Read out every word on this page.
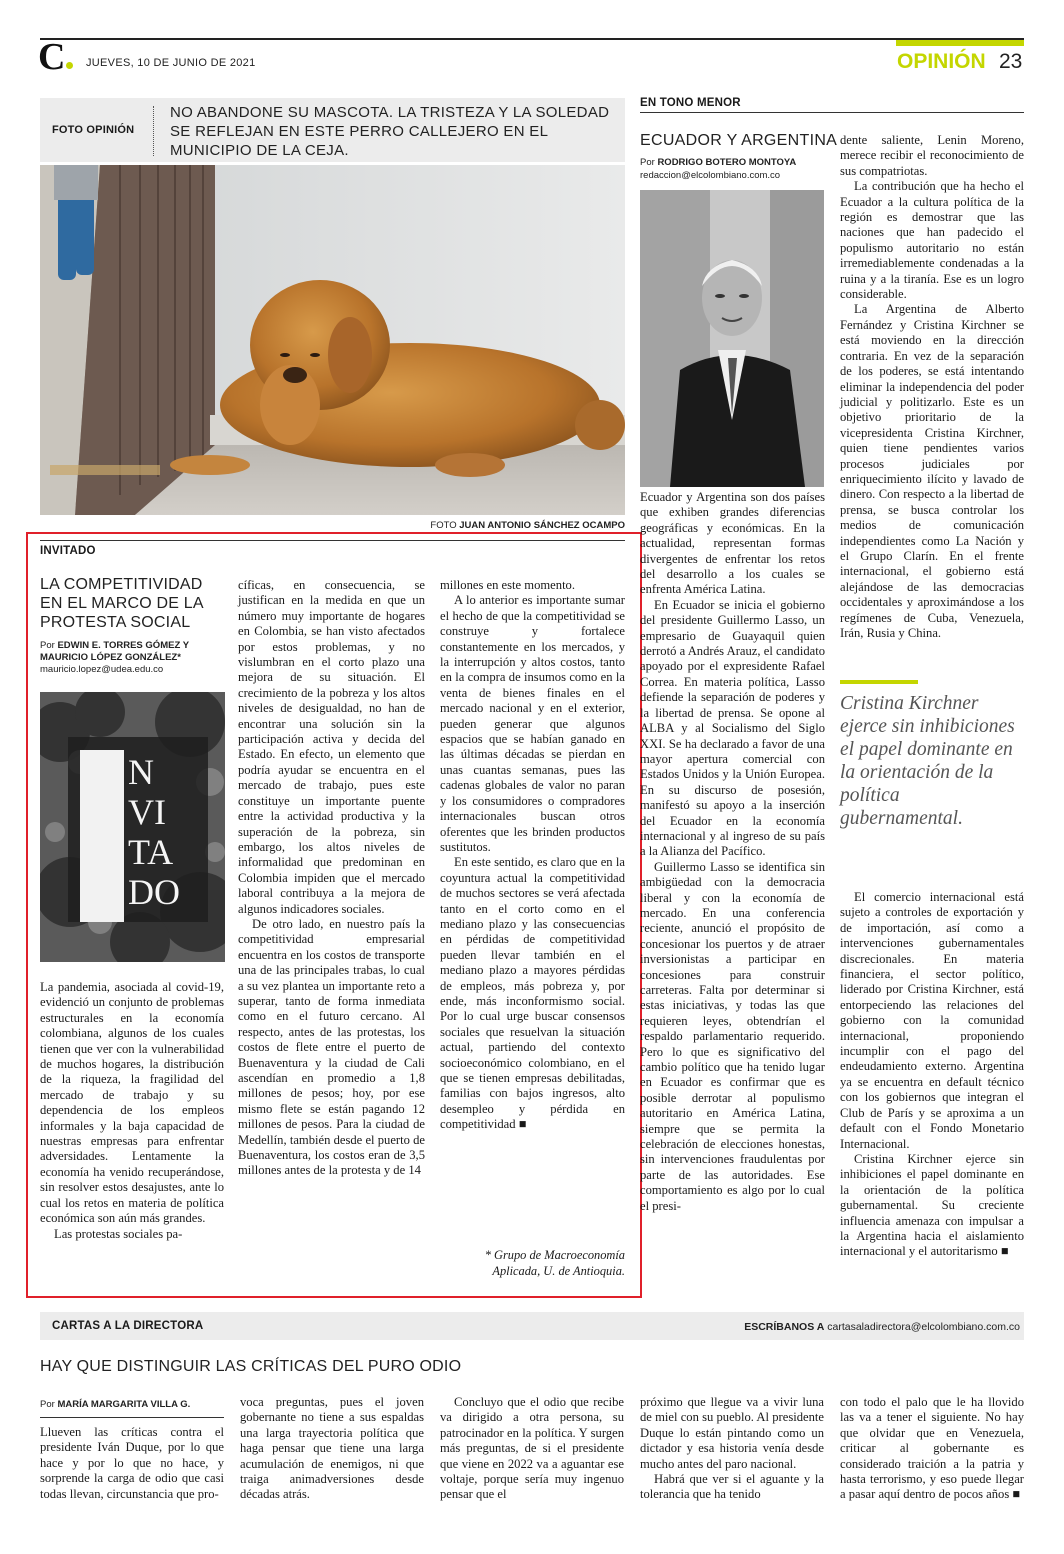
C	JUEVES, 10 DE JUNIO DE 2021	OPINIÓN 23
FOTO OPINIÓN
NO ABANDONE SU MASCOTA. LA TRISTEZA Y LA SOLEDAD SE REFLEJAN EN ESTE PERRO CALLEJERO EN EL MUNICIPIO DE LA CEJA.
FOTO JUAN ANTONIO SÁNCHEZ OCAMPO
INVITADO
LA COMPETITIVIDAD EN EL MARCO DE LA PROTESTA SOCIAL
Por EDWIN E. TORRES GÓMEZ Y MAURICIO LÓPEZ GONZÁLEZ*
mauricio.lopez@udea.edu.co
N
VI
TA
DO

La pandemia, asociada al covid-19, evidenció un conjunto de problemas estructurales en la economía colombiana, algunos de los cuales tienen que ver con la vulnerabilidad de muchos hogares, la distribución de la riqueza, la fragilidad del mercado de trabajo y su dependencia de los empleos informales y la baja capacidad de nuestras empresas para enfrentar adversidades. Lentamente la economía ha venido recuperándose, sin resolver estos desajustes, ante lo cual los retos en materia de política económica son aún más grandes.

Las protestas sociales pa-

cíficas, en consecuencia, se justifican en la medida en que un número muy importante de hogares en Colombia, se han visto afectados por estos problemas, y no vislumbran en el corto plazo una mejora de su situación. El crecimiento de la pobreza y los altos niveles de desigualdad, no han de encontrar una solución sin la participación activa y decida del Estado. En efecto, un elemento que podría ayudar se encuentra en el mercado de trabajo, pues este constituye un importante puente entre la actividad productiva y la superación de la pobreza, sin embargo, los altos niveles de informalidad que predominan en Colombia impiden que el mercado laboral contribuya a la mejora de algunos indicadores sociales.

De otro lado, en nuestro país la competitividad empresarial encuentra en los costos de transporte una de las principales trabas, lo cual a su vez plantea un importante reto a superar, tanto de forma inmediata como en el futuro cercano. Al respecto, antes de las protestas, los costos de flete entre el puerto de Buenaventura y la ciudad de Cali ascendían en promedio a 1,8 millones de pesos; hoy, por ese mismo flete se están pagando 12 millones de pesos. Para la ciudad de Medellín, también desde el puerto de Buenaventura, los costos eran de 3,5 millones antes de la protesta y de 14

millones en este momento.

A lo anterior es importante sumar el hecho de que la competitividad se construye y fortalece constantemente en los mercados, y la interrupción y altos costos, tanto en la compra de insumos como en la venta de bienes finales en el mercado nacional y en el exterior, pueden generar que algunos espacios que se habían ganado en las últimas décadas se pierdan en unas cuantas semanas, pues las cadenas globales de valor no paran y los consumidores o compradores internacionales buscan otros oferentes que les brinden productos sustitutos.

En este sentido, es claro que en la coyuntura actual la competitividad de muchos sectores se verá afectada tanto en el corto como en el mediano plazo y las consecuencias en pérdidas de competitividad pueden llevar también en el mediano plazo a mayores pérdidas de empleos, más pobreza y, por ende, más inconformismo social. Por lo cual urge buscar consensos sociales que resuelvan la situación actual, partiendo del contexto socioeconómico colombiano, en el que se tienen empresas debilitadas, familias con bajos ingresos, alto desempleo y pérdida en competitividad ■

* Grupo de Macroeconomía Aplicada, U. de Antioquia.
EN TONO MENOR
ECUADOR Y ARGENTINA
Por RODRIGO BOTERO MONTOYA
redaccion@elcolombiano.com.co

Ecuador y Argentina son dos países que exhiben grandes diferencias geográficas y económicas. En la actualidad, representan formas divergentes de enfrentar los retos del desarrollo a los cuales se enfrenta América Latina.

En Ecuador se inicia el gobierno del presidente Guillermo Lasso, un empresario de Guayaquil quien derrotó a Andrés Arauz, el candidato apoyado por el expresidente Rafael Correa. En materia política, Lasso defiende la separación de poderes y la libertad de prensa. Se opone al ALBA y al Socialismo del Siglo XXI. Se ha declarado a favor de una mayor apertura comercial con Estados Unidos y la Unión Europea. En su discurso de posesión, manifestó su apoyo a la inserción del Ecuador en la economía internacional y al ingreso de su país a la Alianza del Pacífico.

Guillermo Lasso se identifica sin ambigüedad con la democracia liberal y con la economía de mercado. En una conferencia reciente, anunció el propósito de concesionar los puertos y de atraer inversionistas a participar en concesiones para construir carreteras. Falta por determinar si estas iniciativas, y todas las que requieren leyes, obtendrían el respaldo parlamentario requerido. Pero lo que es significativo del cambio político que ha tenido lugar en Ecuador es confirmar que es posible derrotar al populismo autoritario en América Latina, siempre que se permita la celebración de elecciones honestas, sin intervenciones fraudulentas por parte de las autoridades. Ese comportamiento es algo por lo cual el presi-

dente saliente, Lenin Moreno, merece recibir el reconocimiento de sus compatriotas.

La contribución que ha hecho el Ecuador a la cultura política de la región es demostrar que las naciones que han padecido el populismo autoritario no están irremediablemente condenadas a la ruina y a la tiranía. Ese es un logro considerable.

La Argentina de Alberto Fernández y Cristina Kirchner se está moviendo en la dirección contraria. En vez de la separación de los poderes, se está intentando eliminar la independencia del poder judicial y politizarlo. Este es un objetivo prioritario de la vicepresidenta Cristina Kirchner, quien tiene pendientes varios procesos judiciales por enriquecimiento ilícito y lavado de dinero. Con respecto a la libertad de prensa, se busca controlar los medios de comunicación independientes como La Nación y el Grupo Clarín. En el frente internacional, el gobierno está alejándose de las democracias occidentales y aproximándose a los regímenes de Cuba, Venezuela, Irán, Rusia y China.

Cristina Kirchner ejerce sin inhibiciones el papel dominante en la orientación de la política gubernamental.

El comercio internacional está sujeto a controles de exportación y de importación, así como a intervenciones gubernamentales discrecionales. En materia financiera, el sector político, liderado por Cristina Kirchner, está entorpeciendo las relaciones del gobierno con la comunidad internacional, proponiendo incumplir con el pago del endeudamiento externo. Argentina ya se encuentra en default técnico con los gobiernos que integran el Club de París y se aproxima a un default con el Fondo Monetario Internacional.

Cristina Kirchner ejerce sin inhibiciones el papel dominante en la orientación de la política gubernamental. Su creciente influencia amenaza con impulsar a la Argentina hacia el aislamiento internacional y el autoritarismo ■

CARTAS A LA DIRECTORA	ESCRÍBANOS A cartasaladirectora@elcolombiano.com.co
HAY QUE DISTINGUIR LAS CRÍTICAS DEL PURO ODIO
Por MARÍA MARGARITA VILLA G.

Llueven las críticas contra el presidente Iván Duque, por lo que hace y por lo que no hace, y sorprende la carga de odio que casi todas llevan, circunstancia que pro-

voca preguntas, pues el joven gobernante no tiene a sus espaldas una larga trayectoria política que haga pensar que tiene una larga acumulación de enemigos, ni que traiga animadversiones desde décadas atrás.

Concluyo que el odio que recibe va dirigido a otra persona, su patrocinador en la política. Y surgen más preguntas, de si el presidente que viene en 2022 va a aguantar ese voltaje, porque sería muy ingenuo pensar que el

próximo que llegue va a vivir luna de miel con su pueblo. Al presidente Duque lo están pintando como un dictador y esa historia venía desde mucho antes del paro nacional.

Habrá que ver si el aguante y la tolerancia que ha tenido

con todo el palo que le ha llovido las va a tener el siguiente. No hay que olvidar que en Venezuela, criticar al gobernante es considerado traición a la patria y hasta terrorismo, y eso puede llegar a pasar aquí dentro de pocos años ■
